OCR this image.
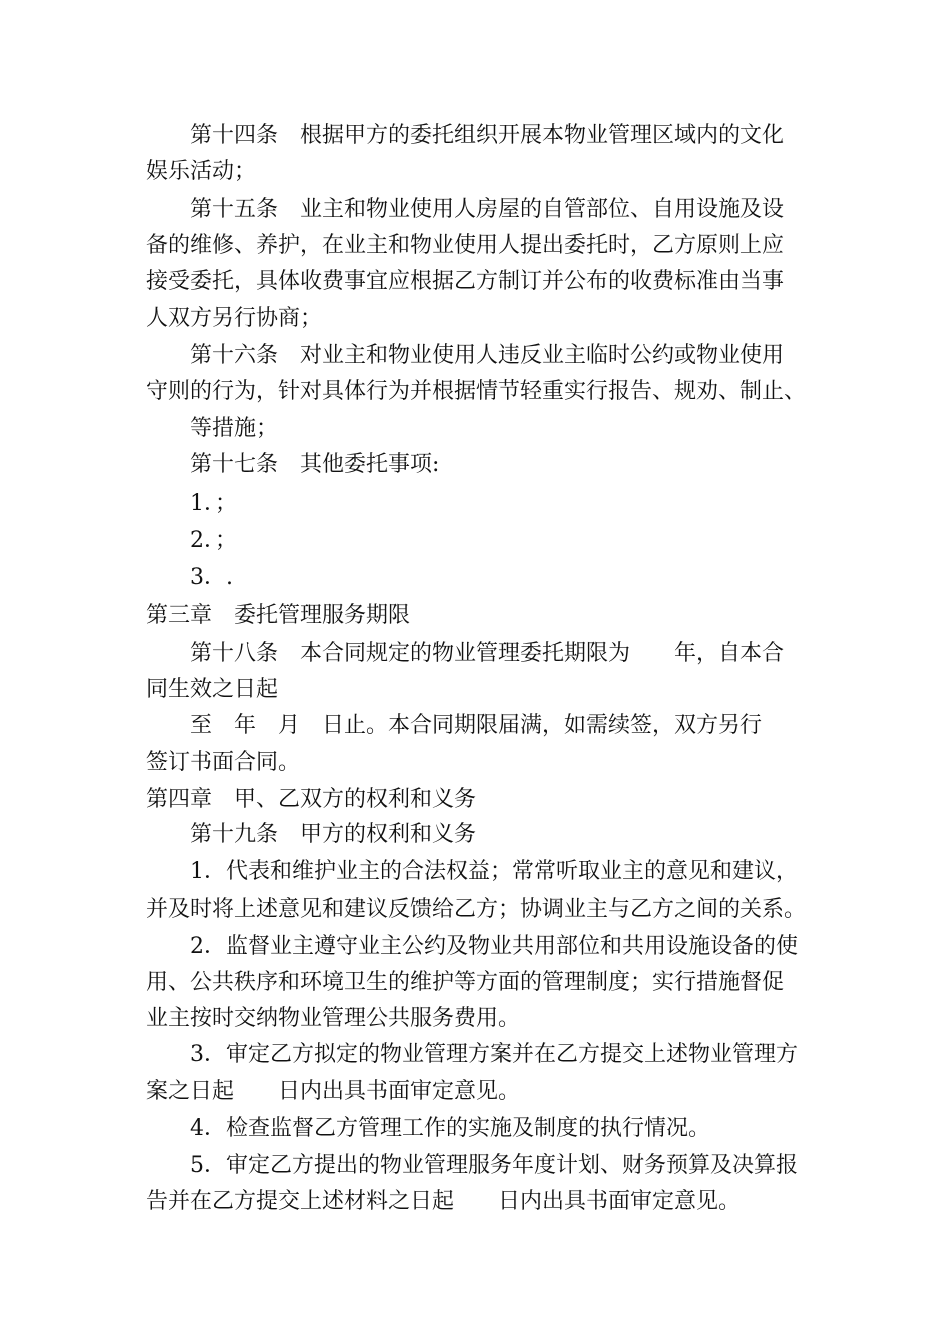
第十四条　根据甲方的委托组织开展本物业管理区域内的文化
娱乐活动；
第十五条　业主和物业使用人房屋的自管部位、自用设施及设
备的维修、养护，在业主和物业使用人提出委托时，乙方原则上应
接受委托，具体收费事宜应根据乙方制订并公布的收费标准由当事
人双方另行协商；
第十六条　对业主和物业使用人违反业主临时公约或物业使用
守则的行为，针对具体行为并根据情节轻重实行报告、规劝、制止、
等措施；
第十七条　其他委托事项:
1．；
2．；
3．.
第三章　委托管理服务期限
第十八条　本合同规定的物业管理委托期限为　　年，自本合
同生效之日起
至　年　月　日止。本合同期限届满，如需续签，双方另行
签订书面合同。
第四章　甲、乙双方的权利和义务
第十九条　甲方的权利和义务
1．代表和维护业主的合法权益；常常听取业主的意见和建议，
并及时将上述意见和建议反馈给乙方；协调业主与乙方之间的关系。
2．监督业主遵守业主公约及物业共用部位和共用设施设备的使
用、公共秩序和环境卫生的维护等方面的管理制度；实行措施督促
业主按时交纳物业管理公共服务费用。
3．审定乙方拟定的物业管理方案并在乙方提交上述物业管理方
案之日起　　日内出具书面审定意见。
4．检查监督乙方管理工作的实施及制度的执行情况。
5．审定乙方提出的物业管理服务年度计划、财务预算及决算报
告并在乙方提交上述材料之日起　　日内出具书面审定意见。
